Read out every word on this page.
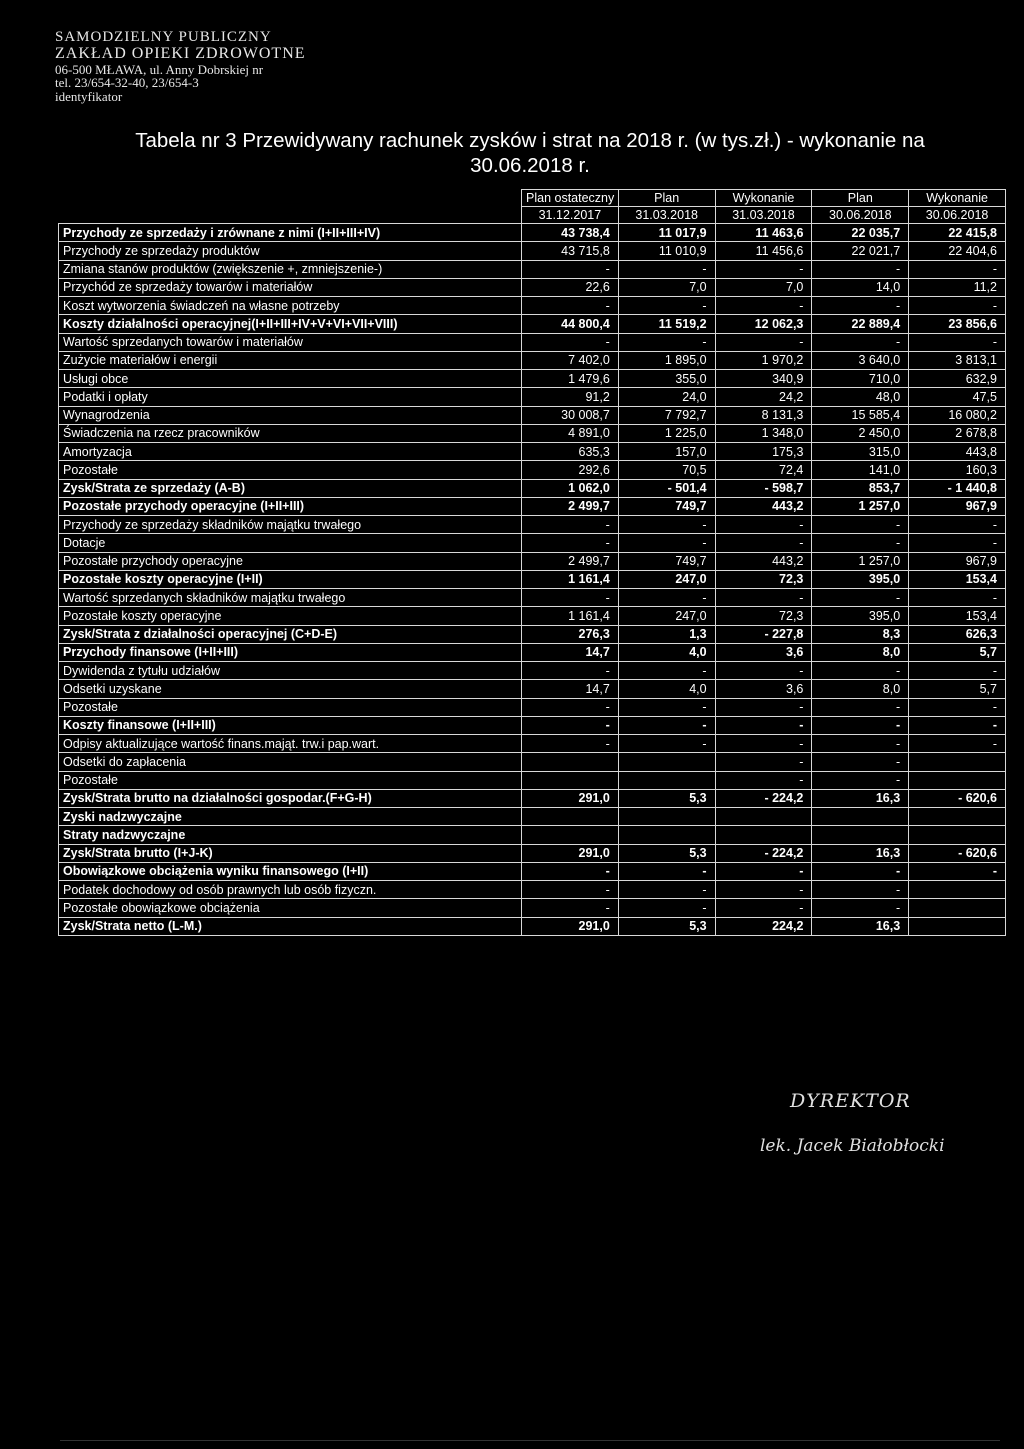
SAMODZIELNY PUBLICZNY
ZAKŁAD OPIEKI ZDROWOTNE
06-500 MŁAWA, ul. Anny Dobrskiej nr
tel. 23/654-32-40, 23/654-3
identyfikator
Tabela nr 3 Przewidywany rachunek zysków i strat na 2018 r. (w tys.zł.) - wykonanie na
30.06.2018 r.
	Plan ostateczny	Plan	Wykonanie	Plan	Wykonanie
	31.12.2017	31.03.2018	31.03.2018	30.06.2018	30.06.2018
Przychody ze sprzedaży i zrównane z nimi (I+II+III+IV)	43 738,4	11 017,9	11 463,6	22 035,7	22 415,8
Przychody ze sprzedaży produktów	43 715,8	11 010,9	11 456,6	22 021,7	22 404,6
Zmiana stanów produktów (zwiększenie +, zmniejszenie-)	-	-	-	-	-
Przychód ze sprzedaży towarów i materiałów	22,6	7,0	7,0	14,0	11,2
Koszt wytworzenia świadczeń na własne potrzeby	-	-	-	-	-
Koszty działalności operacyjnej(I+II+III+IV+V+VI+VII+VIII)	44 800,4	11 519,2	12 062,3	22 889,4	23 856,6
Wartość sprzedanych towarów i materiałów	-	-	-	-	-
Zużycie materiałów i energii	7 402,0	1 895,0	1 970,2	3 640,0	3 813,1
Usługi obce	1 479,6	355,0	340,9	710,0	632,9
Podatki i opłaty	91,2	24,0	24,2	48,0	47,5
Wynagrodzenia	30 008,7	7 792,7	8 131,3	15 585,4	16 080,2
Świadczenia na rzecz pracowników	4 891,0	1 225,0	1 348,0	2 450,0	2 678,8
Amortyzacja	635,3	157,0	175,3	315,0	443,8
Pozostałe	292,6	70,5	72,4	141,0	160,3
Zysk/Strata ze sprzedaży (A-B)	1 062,0	- 501,4	- 598,7	853,7	- 1 440,8
Pozostałe przychody operacyjne (I+II+III)	2 499,7	749,7	443,2	1 257,0	967,9
Przychody ze sprzedaży składników majątku trwałego	-	-	-	-	-
Dotacje	-	-	-	-	-
Pozostałe przychody operacyjne	2 499,7	749,7	443,2	1 257,0	967,9
Pozostałe koszty operacyjne (I+II)	1 161,4	247,0	72,3	395,0	153,4
Wartość sprzedanych składników majątku trwałego	-	-	-	-	-
Pozostałe koszty operacyjne	1 161,4	247,0	72,3	395,0	153,4
Zysk/Strata z działalności operacyjnej (C+D-E)	276,3	1,3	- 227,8	8,3	626,3
Przychody finansowe (I+II+III)	14,7	4,0	3,6	8,0	5,7
Dywidenda z tytułu udziałów	-	-	-	-	-
Odsetki uzyskane	14,7	4,0	3,6	8,0	5,7
Pozostałe	-	-	-	-	-
Koszty finansowe (I+II+III)	-	-	-	-	-
Odpisy aktualizujące wartość finans.mająt. trw.i pap.wart.	-	-	-	-	-
Odsetki do zapłacenia			-	-	
Pozostałe			-	-	
Zysk/Strata brutto na działalności gospodar.(F+G-H)	291,0	5,3	- 224,2	16,3	- 620,6
Zyski nadzwyczajne					
Straty nadzwyczajne					
Zysk/Strata brutto (I+J-K)	291,0	5,3	- 224,2	16,3	- 620,6
Obowiązkowe obciążenia wyniku finansowego (I+II)	-	-	-	-	-
Podatek dochodowy od osób prawnych lub osób fizyczn.	-	-	-	-	
Pozostałe obowiązkowe obciążenia	-	-	-	-	
Zysk/Strata netto (L-M.)	291,0	5,3	224,2	16,3	
DYREKTOR
lek. Jacek Białobłocki
